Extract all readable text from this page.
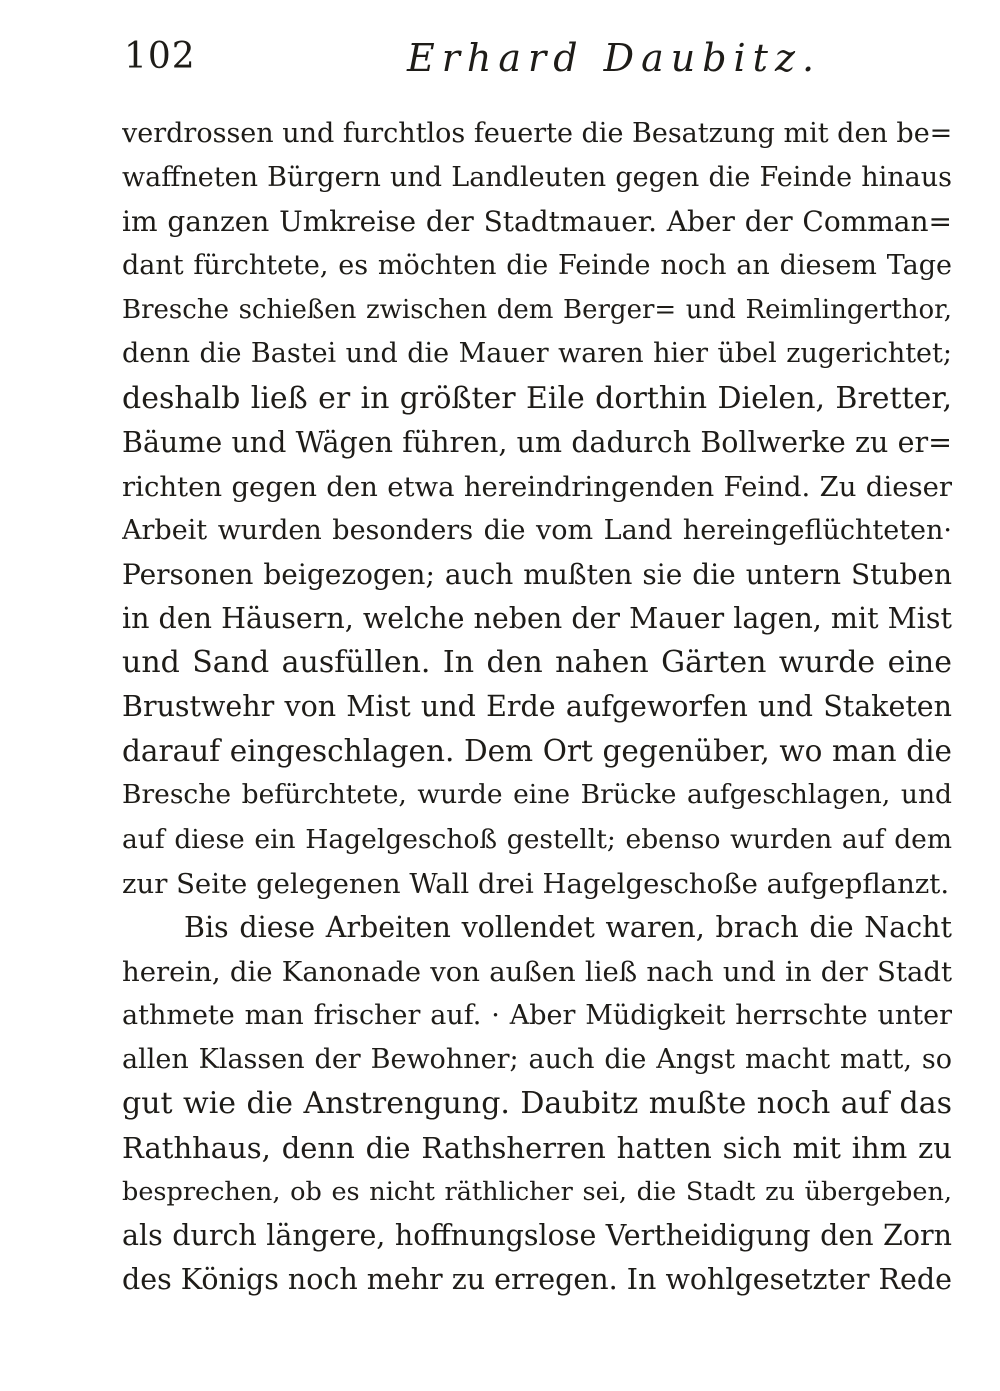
102	Erhard Daubitz.
verdrossen und furchtlos feuerte die Besatzung mit den be=
waffneten Bürgern und Landleuten gegen die Feinde hinaus
im ganzen Umkreise der Stadtmauer. Aber der Comman=
dant fürchtete, es möchten die Feinde noch an diesem Tage
Bresche schießen zwischen dem Berger= und Reimlingerthor,
denn die Bastei und die Mauer waren hier übel zugerichtet;
deshalb ließ er in größter Eile dorthin Dielen, Bretter,
Bäume und Wägen führen, um dadurch Bollwerke zu er=
richten gegen den etwa hereindringenden Feind. Zu dieser
Arbeit wurden besonders die vom Land hereingeflüchteten·
Personen beigezogen; auch mußten sie die untern Stuben
in den Häusern, welche neben der Mauer lagen, mit Mist
und Sand ausfüllen. In den nahen Gärten wurde eine
Brustwehr von Mist und Erde aufgeworfen und Staketen
darauf eingeschlagen. Dem Ort gegenüber, wo man die
Bresche befürchtete, wurde eine Brücke aufgeschlagen, und
auf diese ein Hagelgeschoß gestellt; ebenso wurden auf dem
zur Seite gelegenen Wall drei Hagelgeschoße aufgepflanzt.
Bis diese Arbeiten vollendet waren, brach die Nacht
herein, die Kanonade von außen ließ nach und in der Stadt
athmete man frischer auf. · Aber Müdigkeit herrschte unter
allen Klassen der Bewohner; auch die Angst macht matt, so
gut wie die Anstrengung. Daubitz mußte noch auf das
Rathhaus, denn die Rathsherren hatten sich mit ihm zu
besprechen, ob es nicht räthlicher sei, die Stadt zu übergeben,
als durch längere, hoffnungslose Vertheidigung den Zorn
des Königs noch mehr zu erregen. In wohlgesetzter Rede
